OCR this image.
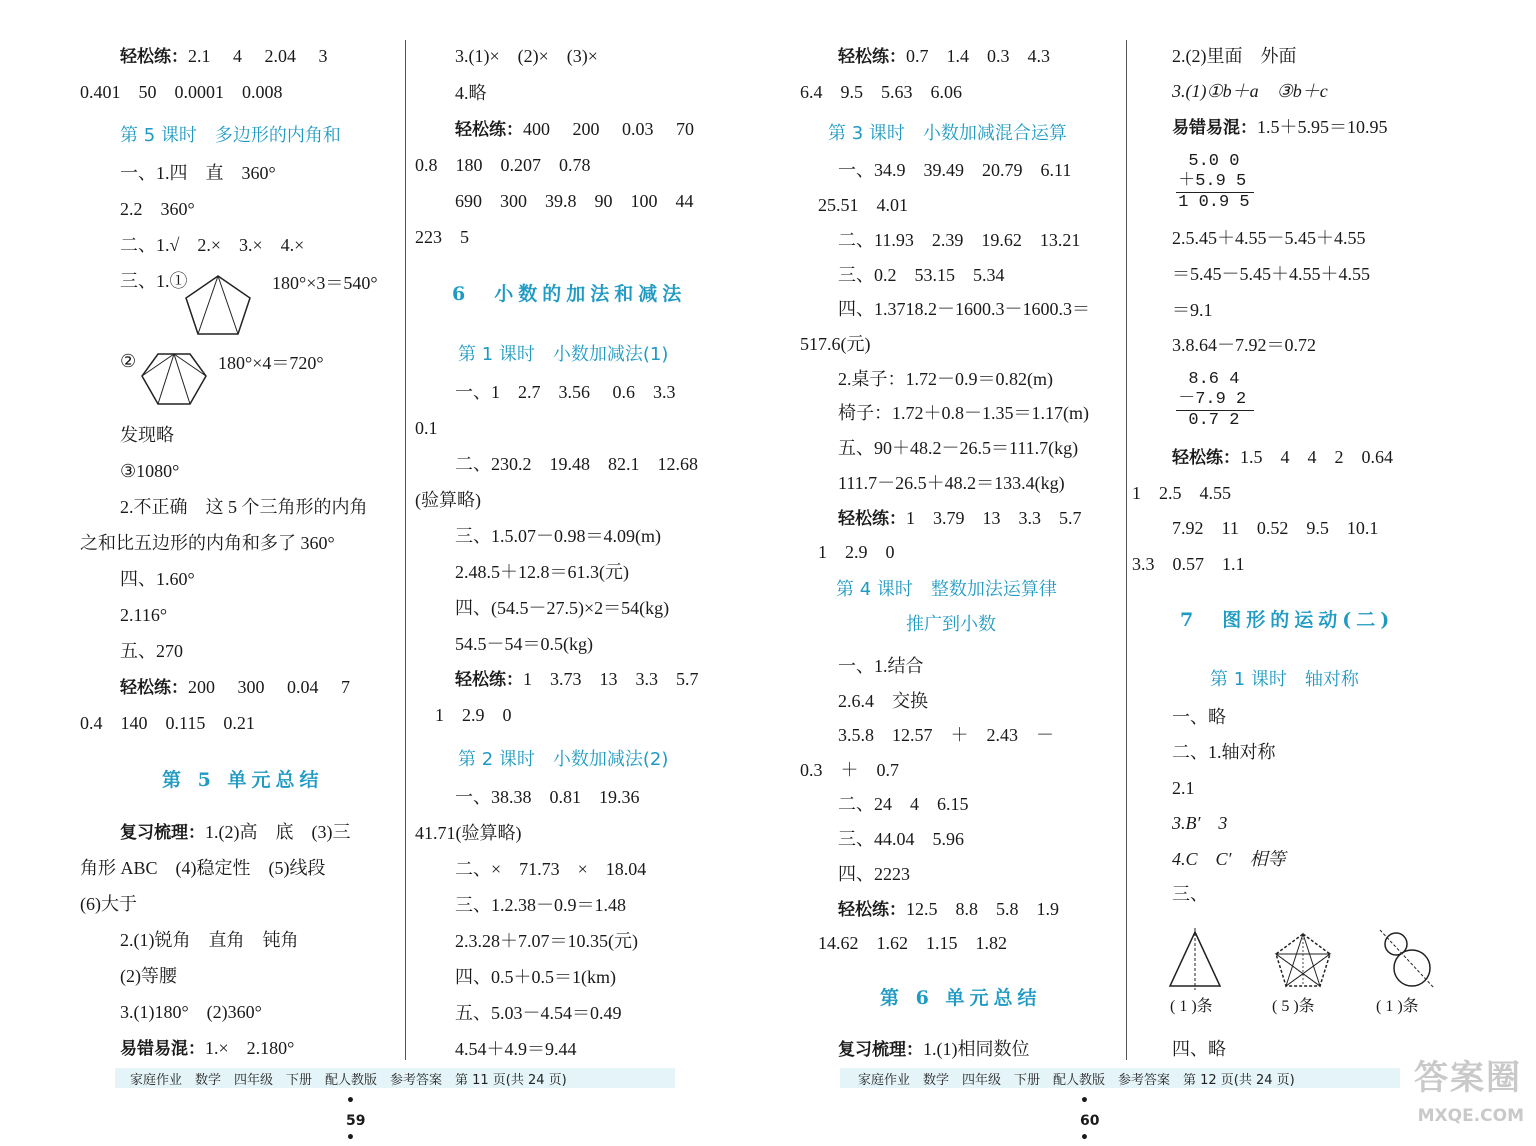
轻松练：2.1　 4　 2.04　 3
0.401　50　0.0001　0.008
第 5 课时　多边形的内角和
一、1.四　直　360°
2.2　360°
二、1.√　2.×　3.×　4.×
三、1.①	180°×3＝540°
②	180°×4＝720°
发现略
③1080°
2.不正确　这 5 个三角形的内角
之和比五边形的内角和多了 360°
四、1.60°
2.116°
五、270
轻松练：200　 300　 0.04　 7
0.4　140　0.115　0.21
第 5 单元总结
复习梳理：1.(2)高　底　(3)三
角形 ABC　(4)稳定性　(5)线段
(6)大于
2.(1)锐角　直角　钝角
(2)等腰
3.(1)180°　(2)360°
易错易混：1.×　2.180°
3.(1)×　(2)×　(3)×
4.略
轻松练：400　 200　 0.03　 70
0.8　180　0.207　0.78
690　300　39.8　90　100　44
223　5
6　小数的加法和减法
第 1 课时　小数加减法(1)
一、1　2.7　3.56　 0.6　3.3
0.1
二、230.2　19.48　82.1　12.68
(验算略)
三、1.5.07－0.98＝4.09(m)
2.48.5＋12.8＝61.3(元)
四、(54.5－27.5)×2＝54(kg)
54.5－54＝0.5(kg)
轻松练：1　3.73　13　3.3　5.7
1　2.9　0
第 2 课时　小数加减法(2)
一、38.38　0.81　19.36
41.71(验算略)
二、×　71.73　×　18.04
三、1.2.38－0.9＝1.48
2.3.28＋7.07＝10.35(元)
四、0.5＋0.5＝1(km)
五、5.03－4.54＝0.49
4.54＋4.9＝9.44
家庭作业　数学　四年级　下册　配人教版　参考答案　第 11 页(共 24 页)
•　59　•
轻松练：0.7　1.4　0.3　4.3
6.4　9.5　5.63　6.06
第 3 课时　小数加减混合运算
一、34.9　39.49　20.79　6.11
25.51　4.01
二、11.93　2.39　19.62　13.21
三、0.2　53.15　5.34
四、1.3718.2－1600.3－1600.3＝
517.6(元)
2.桌子：1.72－0.9＝0.82(m)
椅子：1.72＋0.8－1.35＝1.17(m)
五、90＋48.2－26.5＝111.7(kg)
111.7－26.5＋48.2＝133.4(kg)
轻松练：1　3.79　13　3.3　5.7
1　2.9　0
第 4 课时　整数加法运算律
推广到小数
一、1.结合
2.6.4　交换
3.5.8　12.57　＋　2.43　－
0.3　＋　0.7
二、24　4　6.15
三、44.04　5.96
四、2223
轻松练：12.5　8.8　5.8　1.9
14.62　1.62　1.15　1.82
第 6 单元总结
复习梳理：1.(1)相同数位
2.(2)里面　外面
3.(1)①b＋a　③b＋c
易错易混：1.5＋5.95＝10.95
5.0 0
＋5.9 5
1 0.9 5
2.5.45＋4.55－5.45＋4.55
＝5.45－5.45＋4.55＋4.55
＝9.1
3.8.64－7.92＝0.72
8.6 4
－7.9 2
0.7 2
轻松练：1.5　4　4　2　0.64
1　2.5　4.55
7.92　11　0.52　9.5　10.1
3.3　0.57　1.1
7　图形的运动(二)
第 1 课时　轴对称
一、略
二、1.轴对称
2.1
3.B′　3
4.C　C′　相等
三、
( 1 )条	( 5 )条	( 1 )条
四、略
家庭作业　数学　四年级　下册　配人教版　参考答案　第 12 页(共 24 页)
•　60　•
答案圈
MXQE.COM
